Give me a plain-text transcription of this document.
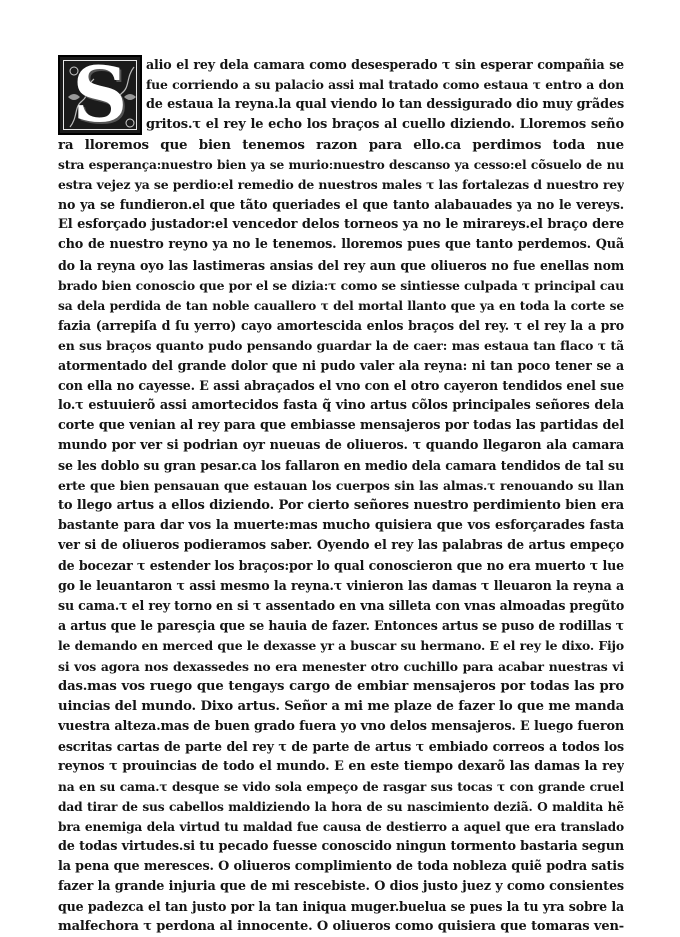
S	alio el rey dela camara como desesperado τ sin esperar compañia se
fue corriendo a su palacio assi mal tratado como estaua τ entro a don
de estaua la reyna.la qual viendo lo tan dessigurado dio muy grãdes
gritos.τ el rey le echo los braços al cuello diziendo. Lloremos seño
ra lloremos que bien tenemos razon para ello.ca perdimos toda nue
stra esperança:nuestro bien ya se murio:nuestro descanso ya cesso:el cõsuelo de nu
estra vejez ya se perdio:el remedio de nuestros males τ las fortalezas d nuestro rey
no ya se fundieron.el que tãto queriades el que tanto alabauades ya no le vereys.
El esforçado justador:el vencedor delos torneos ya no le mirareys.el braço dere
cho de nuestro reyno ya no le tenemos. lloremos pues que tanto perdemos. Quã
do la reyna oyo las lastimeras ansias del rey aun que oliueros no fue enellas nom
brado bien conoscio que por el se dizia:τ como se sintiesse culpada τ principal cau
sa dela perdida de tan noble cauallero τ del mortal llanto que ya en toda la corte se
fazia (arrepiſa d ſu yerro) cayo amortescida enlos braços del rey. τ el rey la a pro
en sus braços quanto pudo pensando guardar la de caer: mas estaua tan flaco τ tã
atormentado del grande dolor que ni pudo valer ala reyna: ni tan poco tener se a
con ella no cayesse. E assi abraçados el vno con el otro cayeron tendidos enel sue
lo.τ estuuierõ assi amortecidos fasta q̃ vino artus cõlos principales señores dela
corte que venian al rey para que embiasse mensajeros por todas las partidas del
mundo por ver si podrian oyr nueuas de oliueros. τ quando llegaron ala camara
se les doblo su gran pesar.ca los fallaron en medio dela camara tendidos de tal su
erte que bien pensauan que estauan los cuerpos sin las almas.τ renouando su llan
to llego artus a ellos diziendo. Por cierto señores nuestro perdimiento bien era
bastante para dar vos la muerte:mas mucho quisiera que vos esforçarades fasta
ver si de oliueros podieramos saber. Oyendo el rey las palabras de artus empeço
de bocezar τ estender los braços:por lo qual conoscieron que no era muerto τ lue
go le leuantaron τ assi mesmo la reyna.τ vinieron las damas τ lleuaron la reyna a
su cama.τ el rey torno en si τ assentado en vna silleta con vnas almoadas pregũto
a artus que le paresçia que se hauia de fazer. Entonces artus se puso de rodillas τ
le demando en merced que le dexasse yr a buscar su hermano. E el rey le dixo. Fijo
si vos agora nos dexassedes no era menester otro cuchillo para acabar nuestras vi
das.mas vos ruego que tengays cargo de embiar mensajeros por todas las pro
uincias del mundo. Dixo artus. Señor a mi me plaze de fazer lo que me manda
vuestra alteza.mas de buen grado fuera yo vno delos mensajeros. E luego fueron
escritas cartas de parte del rey τ de parte de artus τ embiado correos a todos los
reynos τ prouincias de todo el mundo. E en este tiempo dexarõ las damas la rey
na en su cama.τ desque se vido sola empeço de rasgar sus tocas τ con grande cruel
dad tirar de sus cabellos maldiziendo la hora de su nascimiento deziã. O maldita hẽ
bra enemiga dela virtud tu maldad fue causa de destierro a aquel que era translado
de todas virtudes.si tu pecado fuesse conoscido ningun tormento bastaria segun
la pena que meresces. O oliueros complimiento de toda nobleza quiẽ podra satis
fazer la grande injuria que de mi rescebiste. O dios justo juez y como consientes
que padezca el tan justo por la tan iniqua muger.buelua se pues la tu yra sobre la
malfechora τ perdona al innocente. O oliueros como quisiera que tomaras ven-
